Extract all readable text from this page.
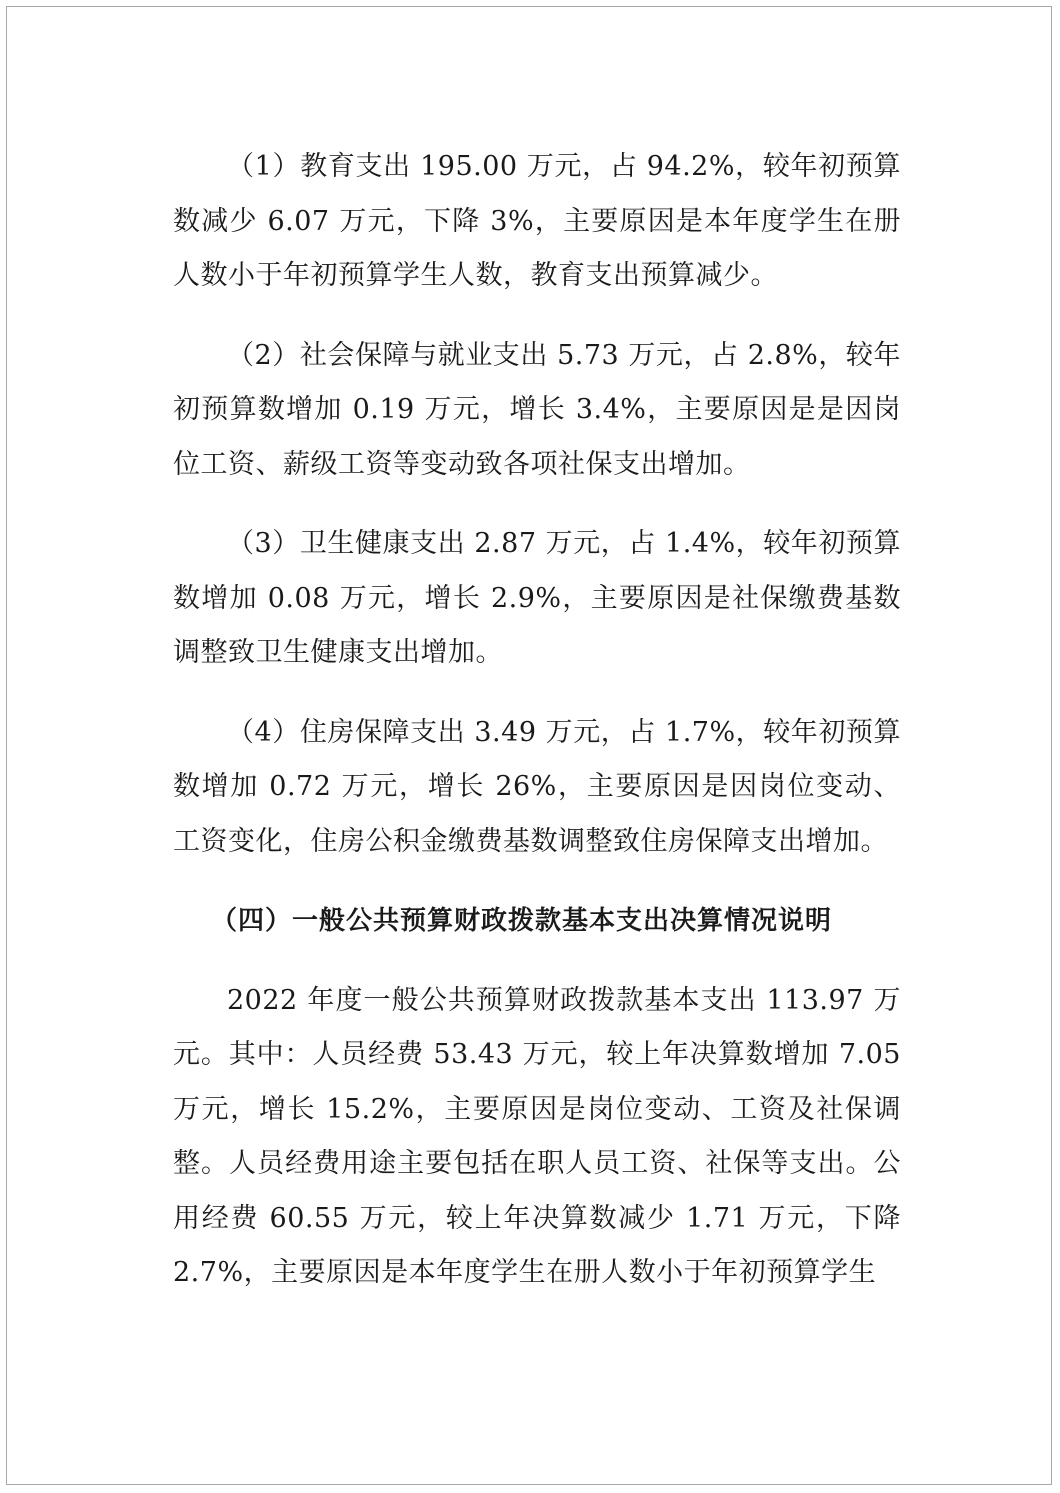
（1）教育支出 195.00 万元，占 94.2%，较年初预算数减少 6.07 万元，下降 3%，主要原因是本年度学生在册人数小于年初预算学生人数，教育支出预算减少。

（2）社会保障与就业支出 5.73 万元，占 2.8%，较年初预算数增加 0.19 万元，增长 3.4%，主要原因是是因岗位工资、薪级工资等变动致各项社保支出增加。

（3）卫生健康支出 2.87 万元，占 1.4%，较年初预算数增加 0.08 万元，增长 2.9%，主要原因是社保缴费基数调整致卫生健康支出增加。

（4）住房保障支出 3.49 万元，占 1.7%，较年初预算数增加 0.72 万元，增长 26%，主要原因是因岗位变动、工资变化，住房公积金缴费基数调整致住房保障支出增加。

（四）一般公共预算财政拨款基本支出决算情况说明

2022 年度一般公共预算财政拨款基本支出 113.97 万元。其中：人员经费 53.43 万元，较上年决算数增加 7.05 万元，增长 15.2%，主要原因是岗位变动、工资及社保调整。人员经费用途主要包括在职人员工资、社保等支出。公用经费 60.55 万元，较上年决算数减少 1.71 万元，下降 2.7%，主要原因是本年度学生在册人数小于年初预算学生
